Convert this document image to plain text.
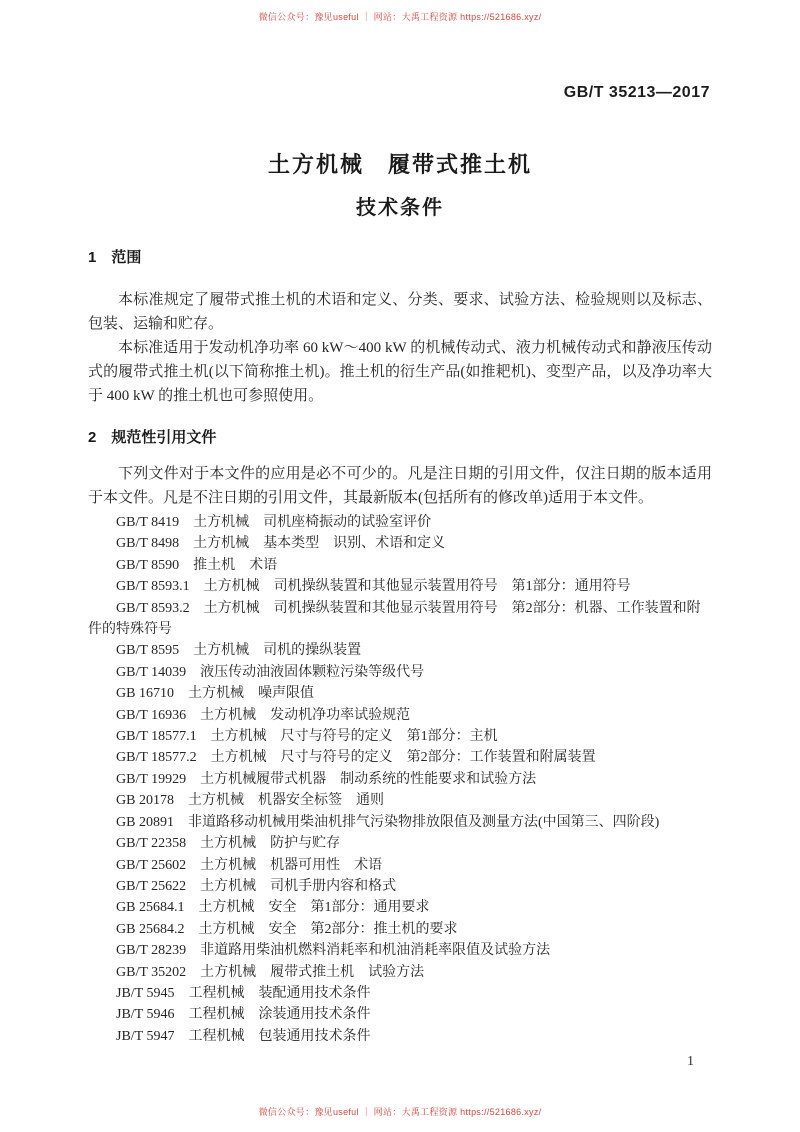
微信公众号：豫见useful ｜ 网站：大禹工程资源 https://521686.xyz/
GB/T 35213—2017
土方机械　履带式推土机
技术条件
1　范围

本标准规定了履带式推土机的术语和定义、分类、要求、试验方法、检验规则以及标志、包装、运输和贮存。

本标准适用于发动机净功率 60 kW～400 kW 的机械传动式、液力机械传动式和静液压传动式的履带式推土机(以下简称推土机)。推土机的衍生产品(如推耙机)、变型产品，以及净功率大于 400 kW 的推土机也可参照使用。

2　规范性引用文件

下列文件对于本文件的应用是必不可少的。凡是注日期的引用文件，仅注日期的版本适用于本文件。凡是不注日期的引用文件，其最新版本(包括所有的修改单)适用于本文件。

GB/T 8419　土方机械　司机座椅振动的试验室评价
GB/T 8498　土方机械　基本类型　识别、术语和定义
GB/T 8590　推土机　术语
GB/T 8593.1　土方机械　司机操纵装置和其他显示装置用符号　第1部分：通用符号
GB/T 8593.2　土方机械　司机操纵装置和其他显示装置用符号　第2部分：机器、工作装置和附件的特殊符号
GB/T 8595　土方机械　司机的操纵装置
GB/T 14039　液压传动油液固体颗粒污染等级代号
GB 16710　土方机械　噪声限值
GB/T 16936　土方机械　发动机净功率试验规范
GB/T 18577.1　土方机械　尺寸与符号的定义　第1部分：主机
GB/T 18577.2　土方机械　尺寸与符号的定义　第2部分：工作装置和附属装置
GB/T 19929　土方机械履带式机器　制动系统的性能要求和试验方法
GB 20178　土方机械　机器安全标签　通则
GB 20891　非道路移动机械用柴油机排气污染物排放限值及测量方法(中国第三、四阶段)
GB/T 22358　土方机械　防护与贮存
GB/T 25602　土方机械　机器可用性　术语
GB/T 25622　土方机械　司机手册内容和格式
GB 25684.1　土方机械　安全　第1部分：通用要求
GB 25684.2　土方机械　安全　第2部分：推土机的要求
GB/T 28239　非道路用柴油机燃料消耗率和机油消耗率限值及试验方法
GB/T 35202　土方机械　履带式推土机　试验方法
JB/T 5945　工程机械　装配通用技术条件
JB/T 5946　工程机械　涂装通用技术条件
JB/T 5947　工程机械　包装通用技术条件
1
微信公众号：豫见useful ｜ 网站：大禹工程资源 https://521686.xyz/
